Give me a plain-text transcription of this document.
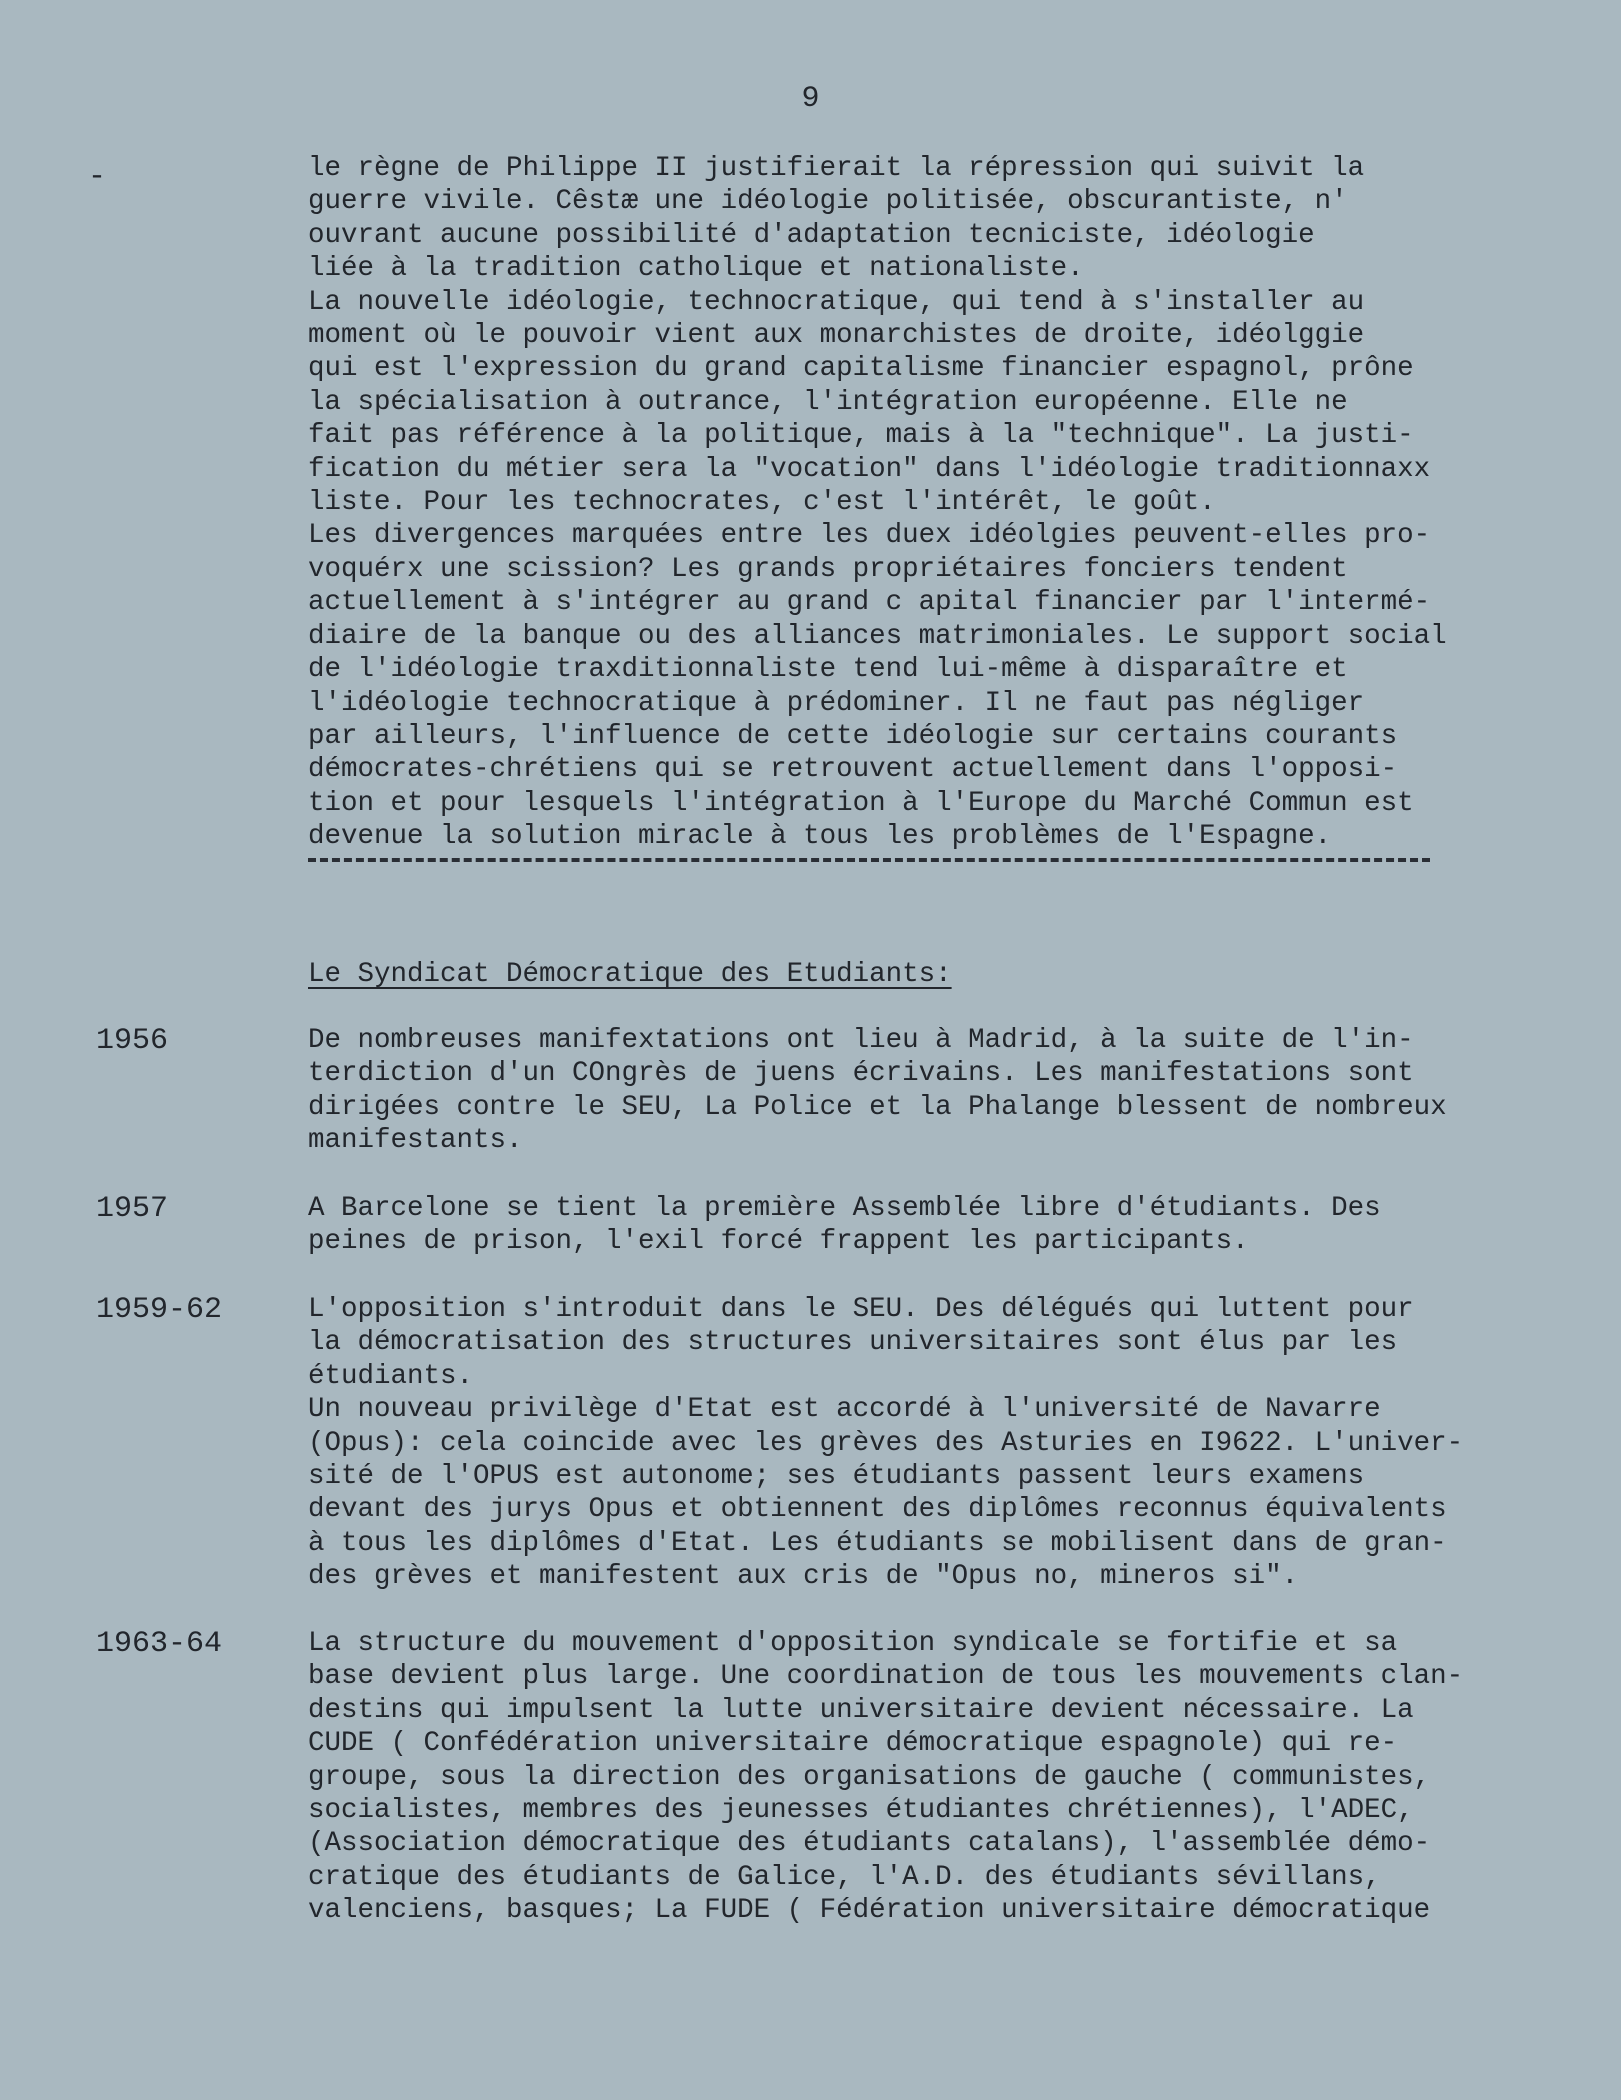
9
-	le règne de Philippe II justifierait la répression qui suivit la
guerre vivile. Cêstæ une idéologie politisée, obscurantiste, n'
ouvrant aucune possibilité d'adaptation tecniciste, idéologie
liée à la tradition catholique et nationaliste.
La nouvelle idéologie, technocratique, qui tend à s'installer au
moment où le pouvoir vient aux monarchistes de droite, idéolggie
qui est l'expression du grand capitalisme financier espagnol, prône
la spécialisation à outrance, l'intégration européenne. Elle ne
fait pas référence à la politique, mais à la "technique". La justi-
fication du métier sera la "vocation" dans l'idéologie traditionnaxx
liste. Pour les technocrates, c'est l'intérêt, le goût.
Les divergences marquées entre les duex idéolgies peuvent-elles pro-
voquérx une scission? Les grands propriétaires fonciers tendent
actuellement à s'intégrer au grand c apital financier par l'intermé-
diaire de la banque ou des alliances matrimoniales. Le support social
de l'idéologie traxditionnaliste tend lui-même à disparaître et
l'idéologie technocratique à prédominer. Il ne faut pas négliger
par ailleurs, l'influence de cette idéologie sur certains courants
démocrates-chrétiens qui se retrouvent actuellement dans l'opposi-
tion et pour lesquels l'intégration à l'Europe du Marché Commun est
devenue la solution miracle à tous les problèmes de l'Espagne.
Le Syndicat Démocratique des Etudiants:
1956	De nombreuses manifextations ont lieu à Madrid, à la suite de l'in-
terdiction d'un COngrès de juens écrivains. Les manifestations sont
dirigées contre le SEU, La Police et la Phalange blessent de nombreux
manifestants.
1957	A Barcelone se tient la première Assemblée libre d'étudiants. Des
peines de prison, l'exil forcé frappent les participants.
1959-62	L'opposition s'introduit dans le SEU. Des délégués qui luttent pour
la démocratisation des structures universitaires sont élus par les
étudiants.
Un nouveau privilège d'Etat est accordé à l'université de Navarre
(Opus): cela coincide avec les grèves des Asturies en I9622. L'univer-
sité de l'OPUS est autonome; ses étudiants passent leurs examens
devant des jurys Opus et obtiennent des diplômes reconnus équivalents
à tous les diplômes d'Etat. Les étudiants se mobilisent dans de gran-
des grèves et manifestent aux cris de "Opus no, mineros si".
1963-64	La structure du mouvement d'opposition syndicale se fortifie et sa
base devient plus large. Une coordination de tous les mouvements clan-
destins qui impulsent la lutte universitaire devient nécessaire. La
CUDE ( Confédération universitaire démocratique espagnole) qui re-
groupe, sous la direction des organisations de gauche ( communistes,
socialistes, membres des jeunesses étudiantes chrétiennes), l'ADEC,
(Association démocratique des étudiants catalans), l'assemblée démo-
cratique des étudiants de Galice, l'A.D. des étudiants sévillans,
valenciens, basques; La FUDE ( Fédération universitaire démocratique
